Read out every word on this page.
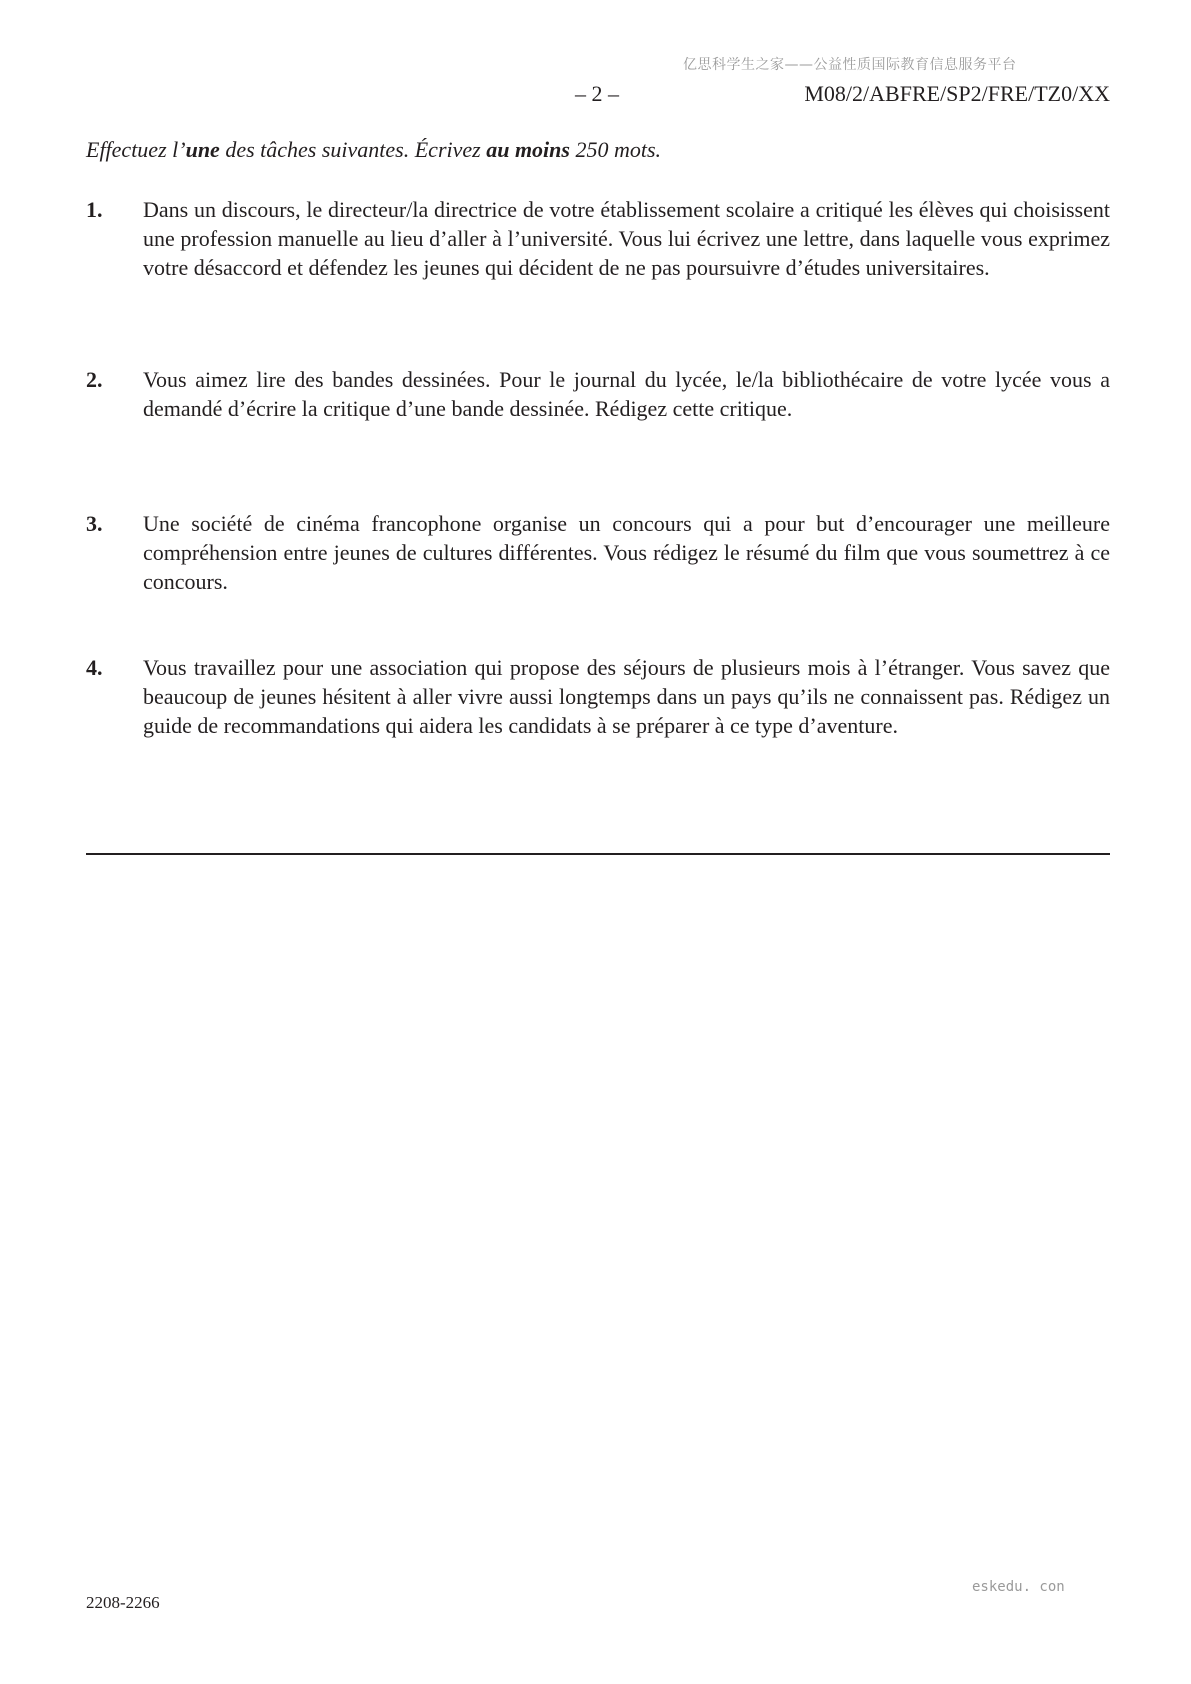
亿思科学生之家——公益性质国际教育信息服务平台
– 2 –	M08/2/ABFRE/SP2/FRE/TZ0/XX
Effectuez l’une des tâches suivantes. Écrivez au moins 250 mots.
1. Dans un discours, le directeur/la directrice de votre établissement scolaire a critiqué les élèves qui choisissent une profession manuelle au lieu d’aller à l’université. Vous lui écrivez une lettre, dans laquelle vous exprimez votre désaccord et défendez les jeunes qui décident de ne pas poursuivre d’études universitaires.
2. Vous aimez lire des bandes dessinées. Pour le journal du lycée, le/la bibliothécaire de votre lycée vous a demandé d’écrire la critique d’une bande dessinée. Rédigez cette critique.
3. Une société de cinéma francophone organise un concours qui a pour but d’encourager une meilleure compréhension entre jeunes de cultures différentes. Vous rédigez le résumé du film que vous soumettrez à ce concours.
4. Vous travaillez pour une association qui propose des séjours de plusieurs mois à l’étranger. Vous savez que beaucoup de jeunes hésitent à aller vivre aussi longtemps dans un pays qu’ils ne connaissent pas. Rédigez un guide de recommandations qui aidera les candidats à se préparer à ce type d’aventure.
eskedu. con
2208-2266
